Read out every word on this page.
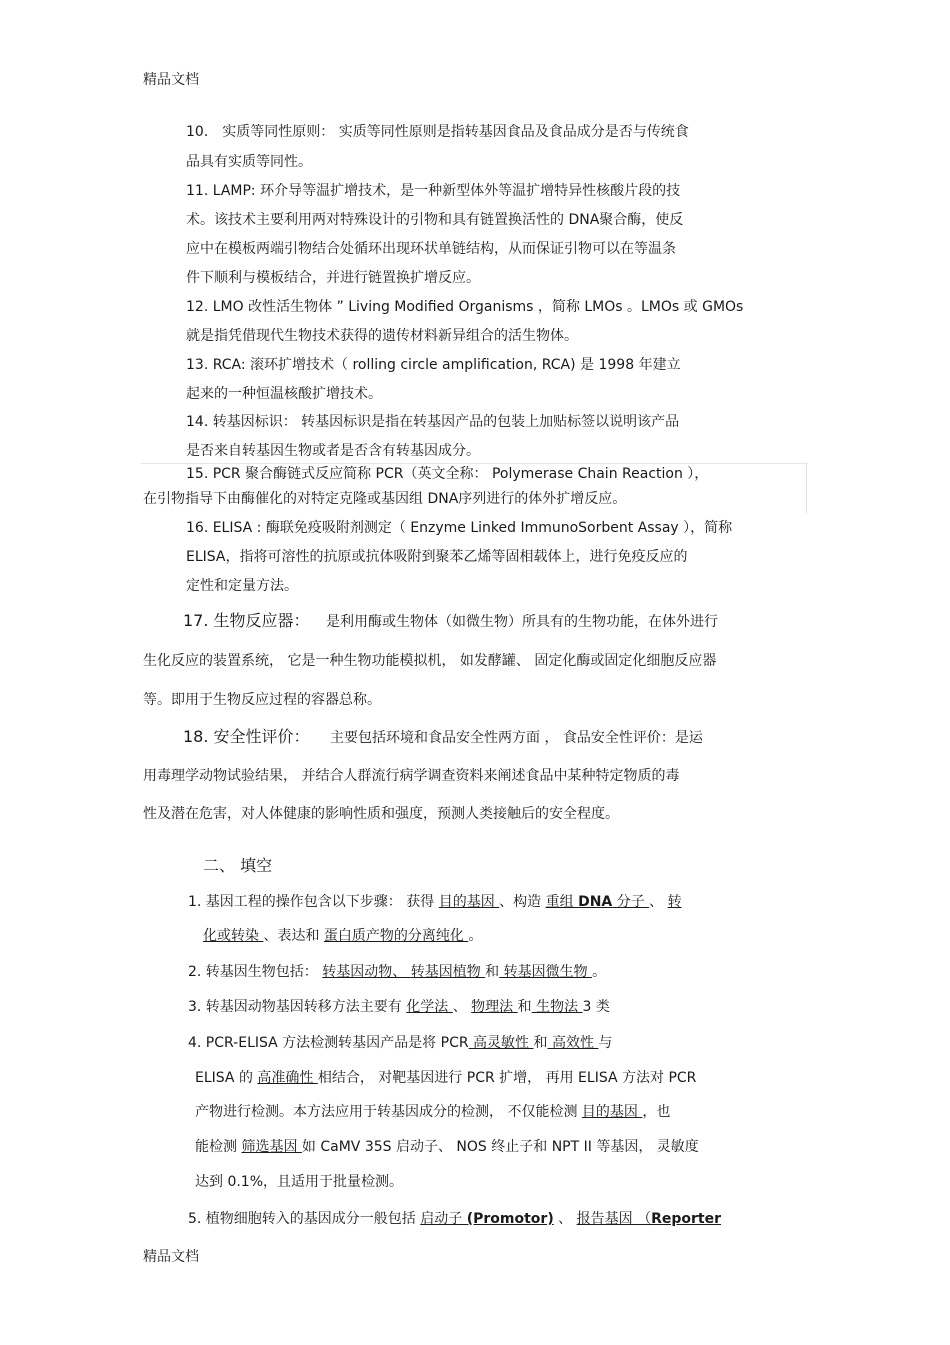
精品文档
10． 实质等同性原则： 实质等同性原则是指转基因食品及食品成分是否与传统食
品具有实质等同性。
11. LAMP: 环介导等温扩增技术，是一种新型体外等温扩增特异性核酸片段的技
术。该技术主要利用两对特殊设计的引物和具有链置换活性的 DNA聚合酶，使反
应中在模板两端引物结合处循环出现环状单链结构，从而保证引物可以在等温条
件下顺利与模板结合，并进行链置换扩增反应。
12. LMO 改性活生物体 ” Living Modified Organisms ，简称 LMOs 。LMOs 或 GMOs
就是指凭借现代生物技术获得的遗传材料新异组合的活生物体。
13. RCA: 滚环扩增技术（ rolling circle amplification, RCA) 是 1998 年建立
起来的一种恒温核酸扩增技术。
14. 转基因标识： 转基因标识是指在转基因产品的包装上加贴标签以说明该产品
是否来自转基因生物或者是否含有转基因成分。
15. PCR 聚合酶链式反应简称 PCR（英文全称： Polymerase Chain Reaction ），
在引物指导下由酶催化的对特定克隆或基因组 DNA序列进行的体外扩增反应。
16. ELISA : 酶联免疫吸附剂测定（ Enzyme Linked ImmunoSorbent Assay ），简称
ELISA，指将可溶性的抗原或抗体吸附到聚苯乙烯等固相载体上，进行免疫反应的
定性和定量方法。
17. 生物反应器： 是利用酶或生物体（如微生物）所具有的生物功能，在体外进行
生化反应的装置系统， 它是一种生物功能模拟机， 如发酵罐、 固定化酶或固定化细胞反应器
等。即用于生物反应过程的容器总称。
18. 安全性评价： 主要包括环境和食品安全性两方面 ， 食品安全性评价：是运
用毒理学动物试验结果， 并结合人群流行病学调查资料来阐述食品中某种特定物质的毒
性及潜在危害，对人体健康的影响性质和强度，预测人类接触后的安全程度。
二、 填空
1. 基因工程的操作包含以下步骤： 获得 目的基因 、构造 重组 DNA 分子 、 转
化或转染 、表达和 蛋白质产物的分离纯化 。
2. 转基因生物包括： 转基因动物、 转基因植物 和 转基因微生物 。
3. 转基因动物基因转移方法主要有 化学法 、 物理法 和 生物法 3 类
4. PCR-ELISA 方法检测转基因产品是将 PCR 高灵敏性 和 高效性 与
ELISA 的 高准确性 相结合， 对靶基因进行 PCR 扩增， 再用 ELISA 方法对 PCR
产物进行检测。本方法应用于转基因成分的检测， 不仅能检测 目的基因 ，也
能检测 筛选基因 如 CaMV 35S 启动子、 NOS 终止子和 NPT II 等基因， 灵敏度
达到 0.1%，且适用于批量检测。
5. 植物细胞转入的基因成分一般包括 启动子 (Promotor) 、 报告基因 （Reporter
精品文档
